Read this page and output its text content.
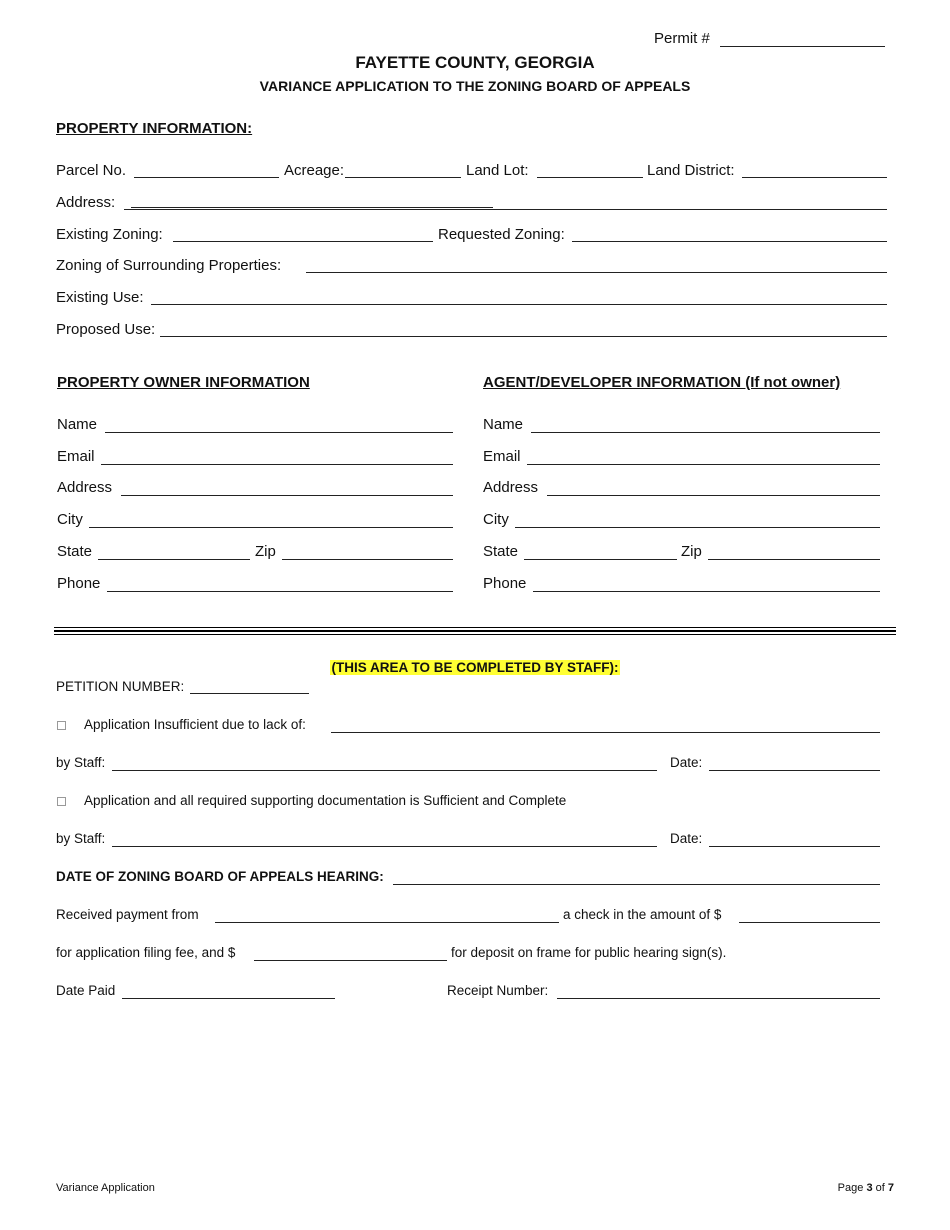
Permit #
FAYETTE COUNTY, GEORGIA
VARIANCE APPLICATION TO THE ZONING BOARD OF APPEALS
PROPERTY INFORMATION:
Parcel No.	Acreage:	Land Lot:	Land District:
Address:
Existing Zoning:	Requested Zoning:
Zoning of Surrounding Properties:
Existing Use:
Proposed Use:
PROPERTY OWNER INFORMATION
Name
Email
Address
City
State	Zip
Phone
AGENT/DEVELOPER INFORMATION (If not owner)
Name
Email
Address
City
State	Zip
Phone
(THIS AREA TO BE COMPLETED BY STAFF):
PETITION NUMBER:
Application Insufficient due to lack of:
by Staff:	Date:
Application and all required supporting documentation is Sufficient and Complete
by Staff:	Date:
DATE OF ZONING BOARD OF APPEALS HEARING:
Received payment from	a check in the amount of $
for application filing fee, and $	for deposit on frame for public hearing sign(s).
Date Paid	Receipt Number:
Variance Application	Page 3 of 7
